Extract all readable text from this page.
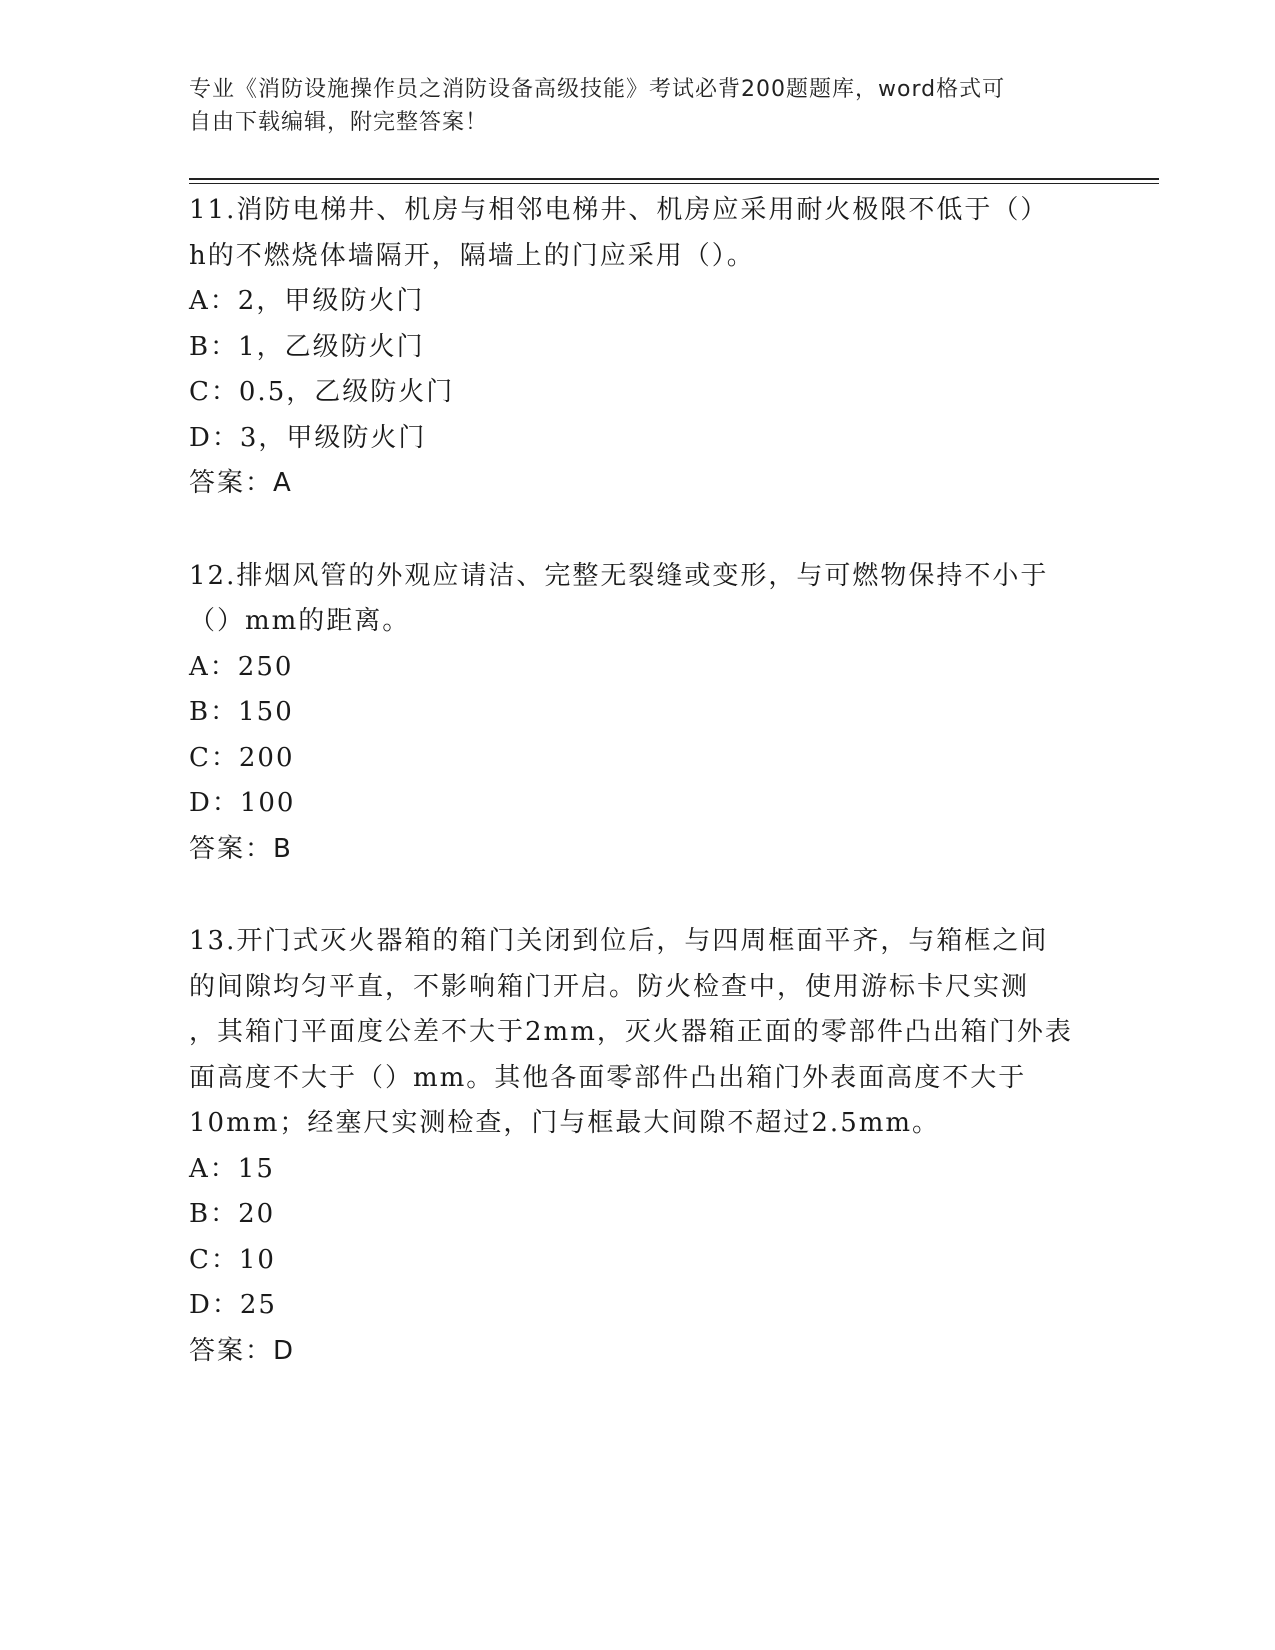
专业《消防设施操作员之消防设备高级技能》考试必背200题题库，word格式可
自由下载编辑，附完整答案！
11.消防电梯井、机房与相邻电梯井、机房应采用耐火极限不低于（）
h的不燃烧体墙隔开，隔墙上的门应采用（）。
A：2，甲级防火门
B：1，乙级防火门
C：0.5，乙级防火门
D：3，甲级防火门
答案：A
12.排烟风管的外观应请洁、完整无裂缝或变形，与可燃物保持不小于
（）mm的距离。
A：250
B：150
C：200
D：100
答案：B
13.开门式灭火器箱的箱门关闭到位后，与四周框面平齐，与箱框之间
的间隙均匀平直，不影响箱门开启。防火检查中，使用游标卡尺实测
，其箱门平面度公差不大于2mm，灭火器箱正面的零部件凸出箱门外表
面高度不大于（）mm。其他各面零部件凸出箱门外表面高度不大于
10mm；经塞尺实测检查，门与框最大间隙不超过2.5mm。
A：15
B：20
C：10
D：25
答案：D
